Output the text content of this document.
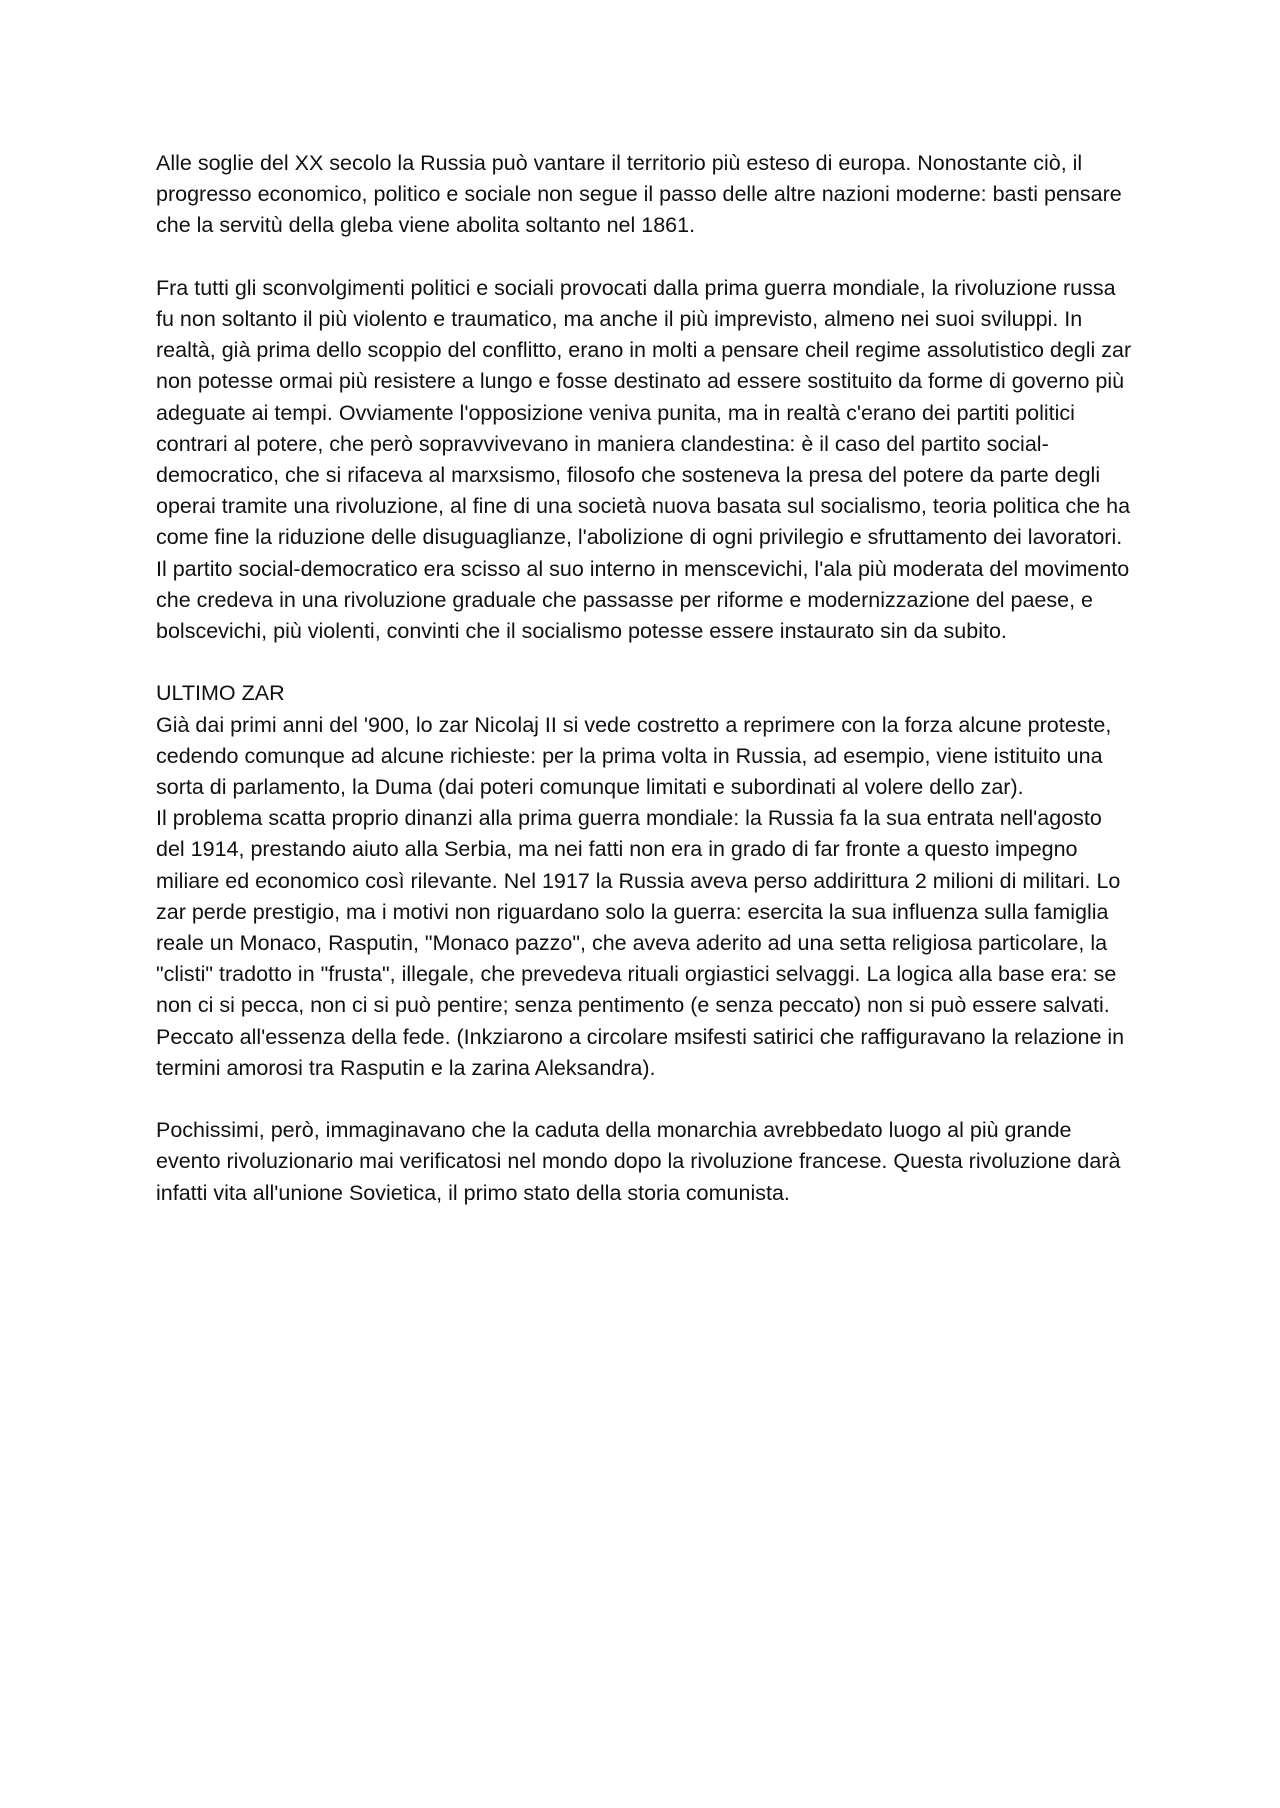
Alle soglie del XX secolo la Russia può vantare il territorio più esteso di europa. Nonostante ciò, il progresso economico, politico e sociale non segue il passo delle altre nazioni moderne: basti pensare che la servitù della gleba viene abolita soltanto nel 1861.

Fra tutti gli sconvolgimenti politici e sociali provocati dalla prima guerra mondiale, la rivoluzione russa fu non soltanto il più violento e traumatico, ma anche il più imprevisto, almeno nei suoi sviluppi. In realtà, già prima dello scoppio del conflitto, erano in molti a pensare cheil regime assolutistico degli zar non potesse ormai più resistere a lungo e fosse destinato ad essere sostituito da forme di governo più adeguate ai tempi. Ovviamente l'opposizione veniva punita, ma in realtà c'erano dei partiti politici contrari al potere, che però sopravvivevano in maniera clandestina: è il caso del partito social-democratico, che si rifaceva al marxsismo, filosofo che sosteneva la presa del potere da parte degli operai tramite una rivoluzione, al fine di una società nuova basata sul socialismo, teoria politica che ha come fine la riduzione delle disuguaglianze, l'abolizione di ogni privilegio e sfruttamento dei lavoratori. Il partito social-democratico era scisso al suo interno in menscevichi, l'ala più moderata del movimento che credeva in una rivoluzione graduale che passasse per riforme e modernizzazione del paese, e bolscevichi, più violenti, convinti che il socialismo potesse essere instaurato sin da subito.

ULTIMO ZAR

Già dai primi anni del '900, lo zar Nicolaj II si vede costretto a reprimere con la forza alcune proteste, cedendo comunque ad alcune richieste: per la prima volta in Russia, ad esempio, viene istituito una sorta di parlamento, la Duma (dai poteri comunque limitati e subordinati al volere dello zar).

Il problema scatta proprio dinanzi alla prima guerra mondiale: la Russia fa la sua entrata nell'agosto del 1914, prestando aiuto alla Serbia, ma nei fatti non era in grado di far fronte a questo impegno miliare ed economico così rilevante. Nel 1917 la Russia aveva perso addirittura 2 milioni di militari. Lo zar perde prestigio, ma i motivi non riguardano solo la guerra: esercita la sua influenza sulla famiglia reale un Monaco, Rasputin, "Monaco pazzo", che aveva aderito ad una setta religiosa particolare, la "clisti" tradotto in "frusta", illegale, che prevedeva rituali orgiastici selvaggi. La logica alla base era: se non ci si pecca, non ci si può pentire; senza pentimento (e senza peccato) non si può essere salvati. Peccato all'essenza della fede. (Inkziarono a circolare msifesti satirici che raffiguravano la relazione in termini amorosi tra Rasputin e la zarina Aleksandra).

Pochissimi, però, immaginavano che la caduta della monarchia avrebbedato luogo al più grande evento rivoluzionario mai verificatosi nel mondo dopo la rivoluzione francese. Questa rivoluzione darà infatti vita all'unione Sovietica, il primo stato della storia comunista.
